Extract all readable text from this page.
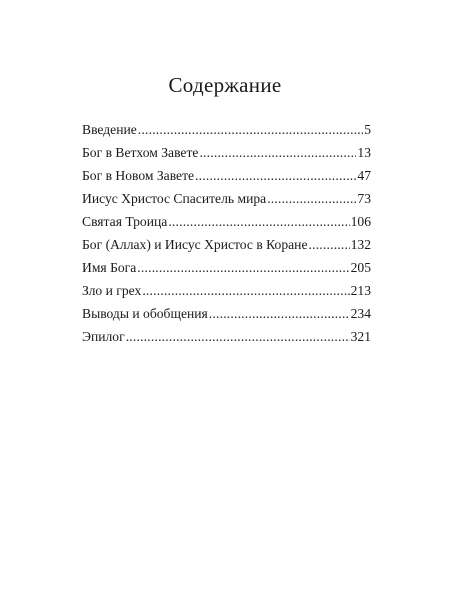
Содержание
Введение .....	5
Бог в Ветхом Завете .....	13
Бог в Новом Завете .....	47
Иисус Христос Спаситель мира .....	73
Святая Троица .....	106
Бог (Аллах) и Иисус Христос в Коране .....	132
Имя Бога .....	205
Зло и грех .....	213
Выводы и обобщения .....	234
Эпилог .....	321
